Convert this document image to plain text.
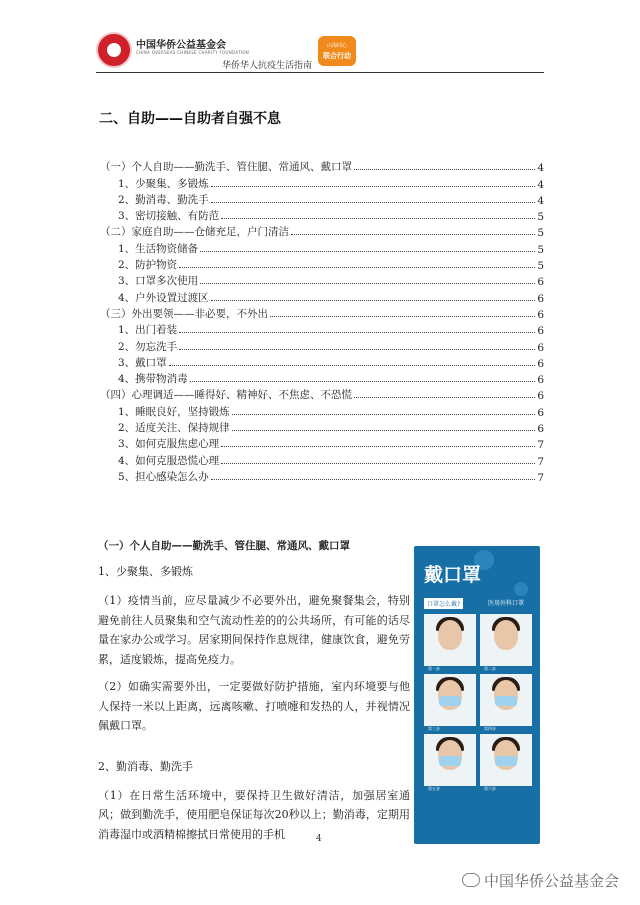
中国华侨公益基金会
CHINA OVERSEAS CHINESE CHARITY FOUNDATION
华侨华人抗疫生活指南
山海同心
联合行动
二、自助——自助者自强不息
（一）个人自助——勤洗手、管住腿、常通风、戴口罩	4
1、少聚集、多锻炼	4
2、勤消毒、勤洗手	4
3、密切接触、有防范	5
（二）家庭自助——仓储充足，户门清洁	5
1、生活物资储备	5
2、防护物资	5
3、口罩多次使用	6
4、户外设置过渡区	6
（三）外出要领——非必要，不外出	6
1、出门着装	6
2、勿忘洗手	6
3、戴口罩	6
4、携带物消毒	6
（四）心理调适——睡得好、精神好、不焦虑、不恐慌	6
1、睡眠良好，坚持锻炼	6
2、适度关注、保持规律	6
3、如何克服焦虑心理	7
4、如何克服恐慌心理	7
5、担心感染怎么办	7
（一）个人自助——勤洗手、管住腿、常通风、戴口罩
1、少聚集、多锻炼
（1）疫情当前，应尽量减少不必要外出，避免聚餐集会，特别避免前往人员聚集和空气流动性差的的公共场所，有可能的话尽量在家办公或学习。居家期间保持作息规律，健康饮食，避免劳累，适度锻炼，提高免疫力。
（2）如确实需要外出，一定要做好防护措施，室内环境要与他人保持一米以上距离，远离咳嗽、打喷嚏和发热的人，并视情况佩戴口罩。
2、勤消毒、勤洗手
（1）在日常生活环境中，要保持卫生做好清洁，加强居室通风；做到勤洗手，使用肥皂保证每次20秒以上；勤消毒，定期用消毒湿巾或酒精棉擦拭日常使用的手机	4
戴口罩
口罩怎么戴?	医用外科口罩
第一步	第二步
第三步	第四步
第五步	第六步
中国华侨公益基金会
